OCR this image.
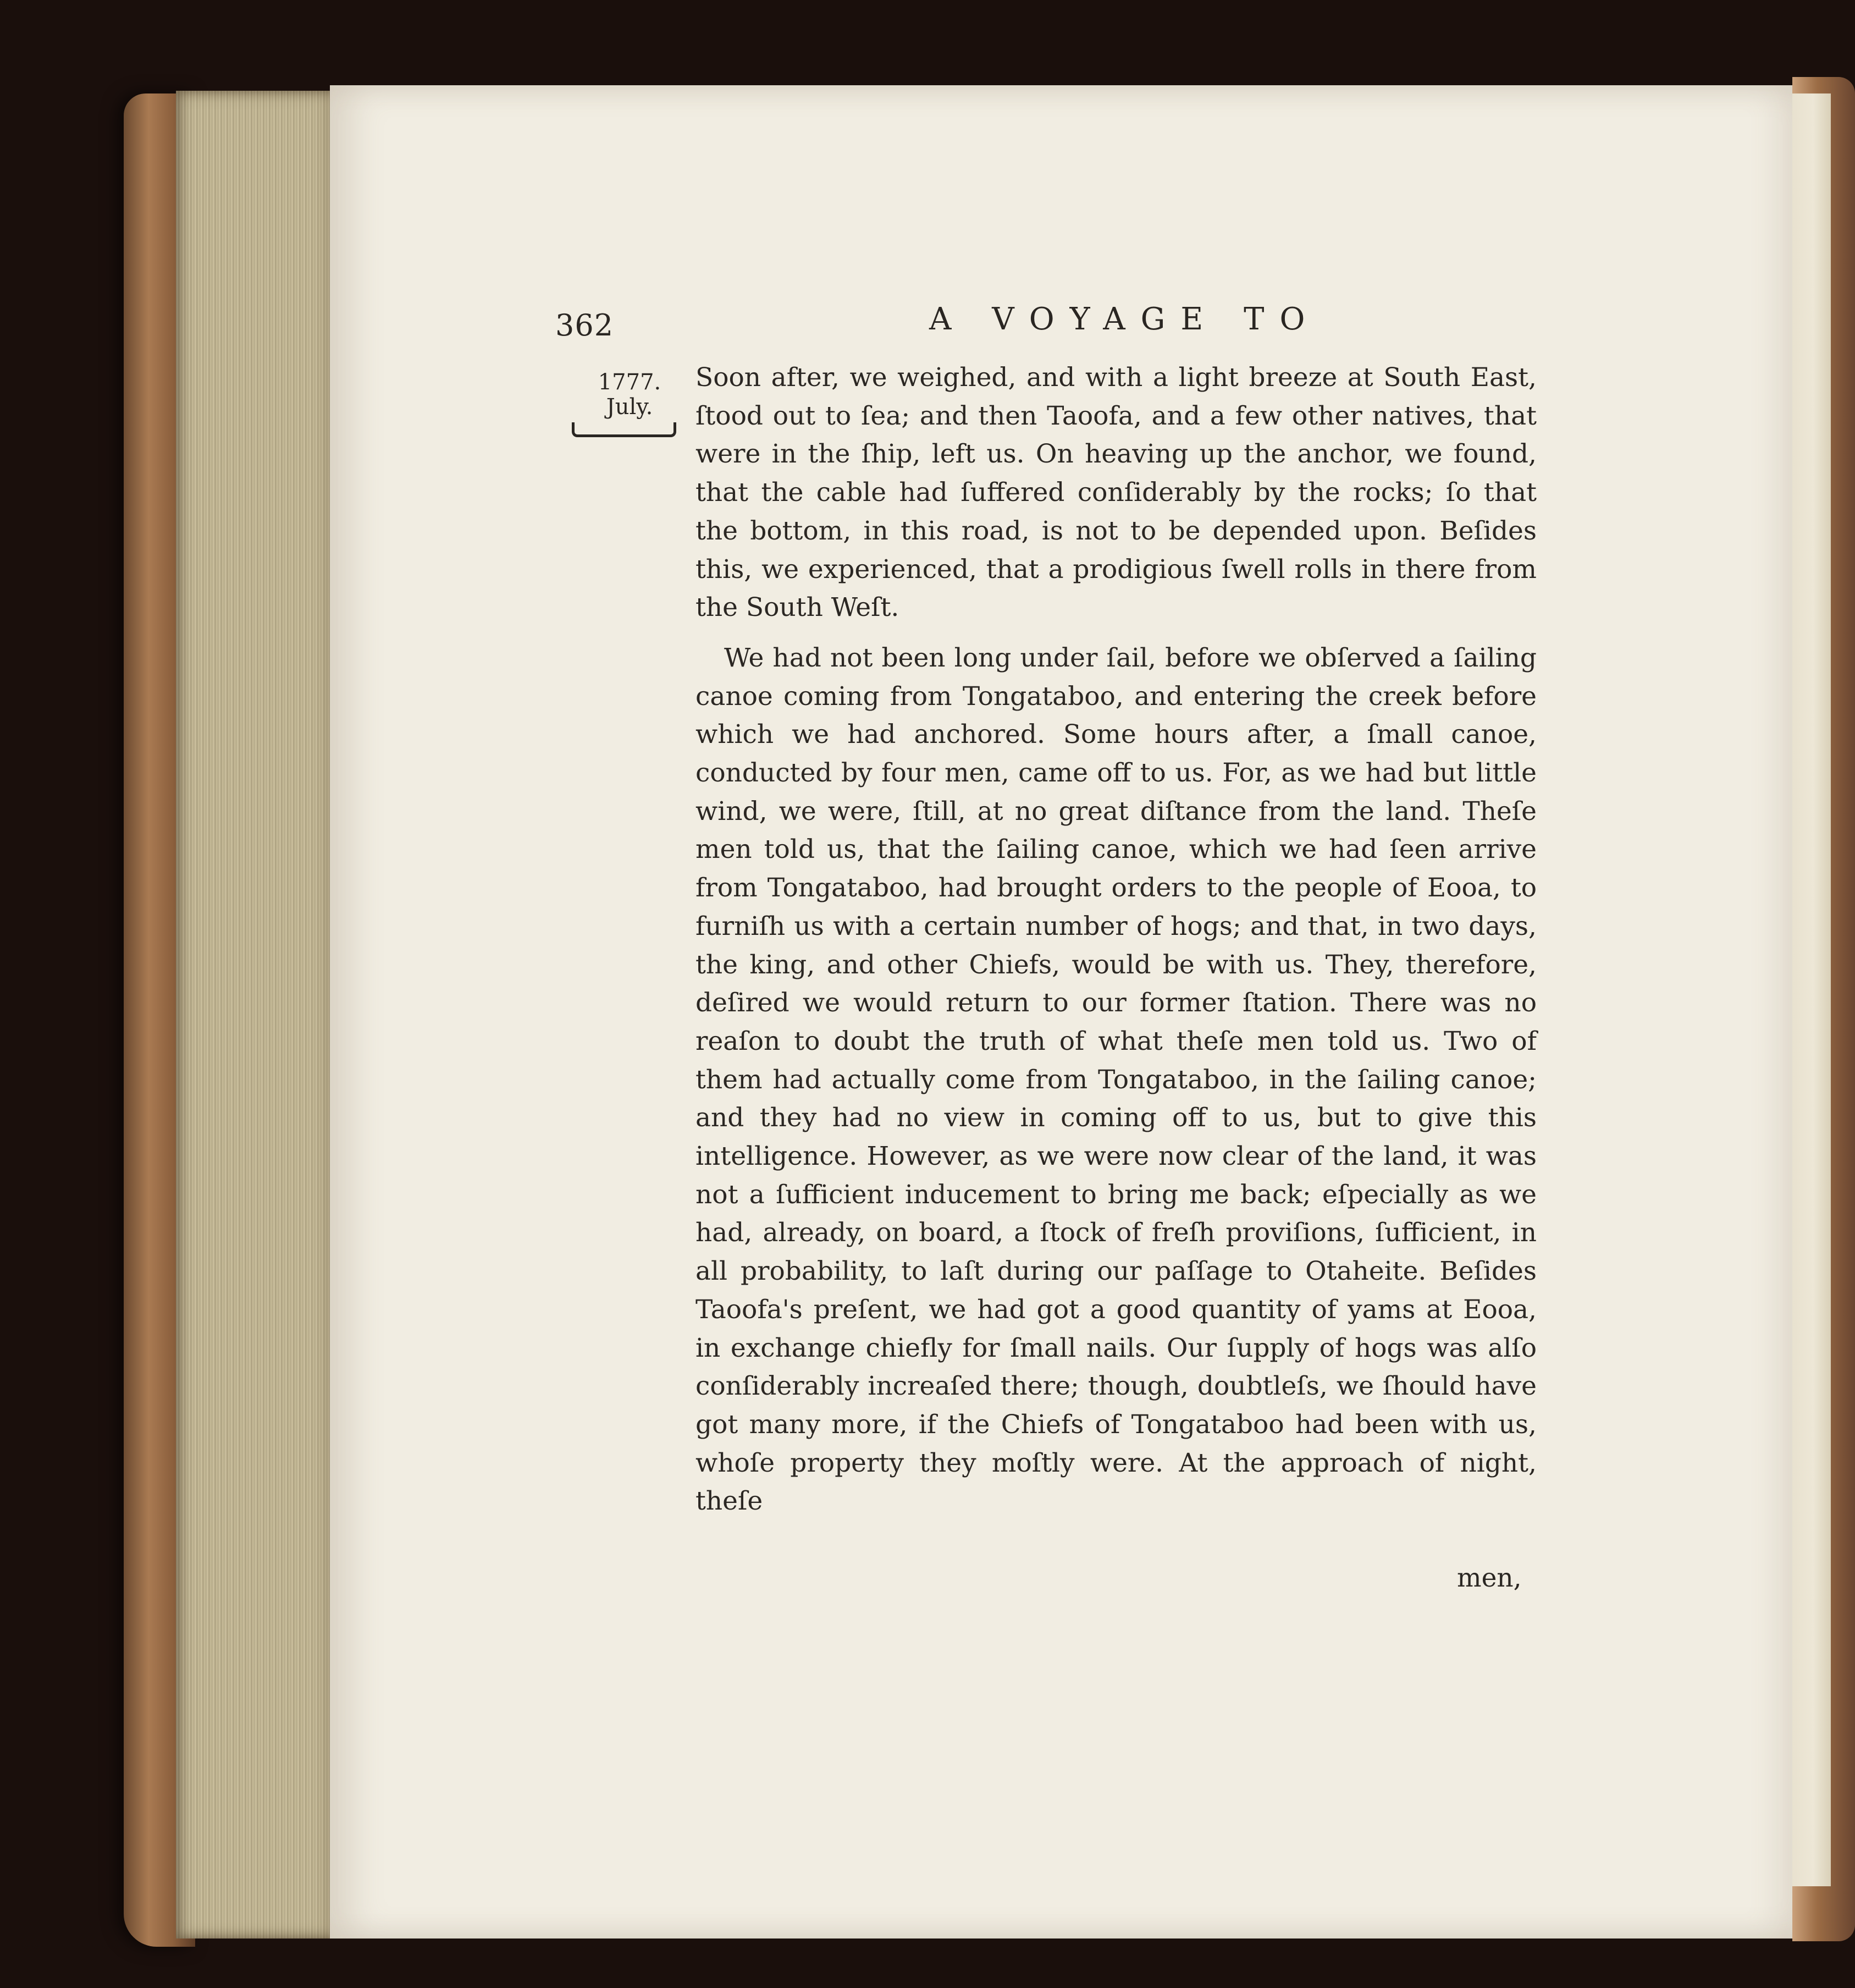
362	A VOYAGE TO
1777.
July.

Soon after, we weighed, and with a light breeze at South East, ſtood out to ſea; and then Taoofa, and a few other natives, that were in the ſhip, left us. On heaving up the anchor, we found, that the cable had ſuffered conſiderably by the rocks; ſo that the bottom, in this road, is not to be depended upon. Beſides this, we experienced, that a prodigious ſwell rolls in there from the South Weſt.

We had not been long under ſail, before we obſerved a ſailing canoe coming from Tongataboo, and entering the creek before which we had anchored. Some hours after, a ſmall canoe, conducted by four men, came off to us. For, as we had but little wind, we were, ſtill, at no great diſtance from the land. Theſe men told us, that the ſailing canoe, which we had ſeen arrive from Tongataboo, had brought orders to the people of Eooa, to furniſh us with a certain number of hogs; and that, in two days, the king, and other Chiefs, would be with us. They, therefore, deſired we would return to our former ſtation. There was no reaſon to doubt the truth of what theſe men told us. Two of them had actually come from Tongataboo, in the ſailing canoe; and they had no view in coming off to us, but to give this intelligence. However, as we were now clear of the land, it was not a ſufficient inducement to bring me back; eſpecially as we had, already, on board, a ſtock of freſh proviſions, ſufficient, in all probability, to laſt during our paſſage to Otaheite. Beſides Taoofa's preſent, we had got a good quantity of yams at Eooa, in exchange chiefly for ſmall nails. Our ſupply of hogs was alſo conſiderably increaſed there; though, doubtleſs, we ſhould have got many more, if the Chiefs of Tongataboo had been with us, whoſe property they moſtly were. At the approach of night, theſe

men,
